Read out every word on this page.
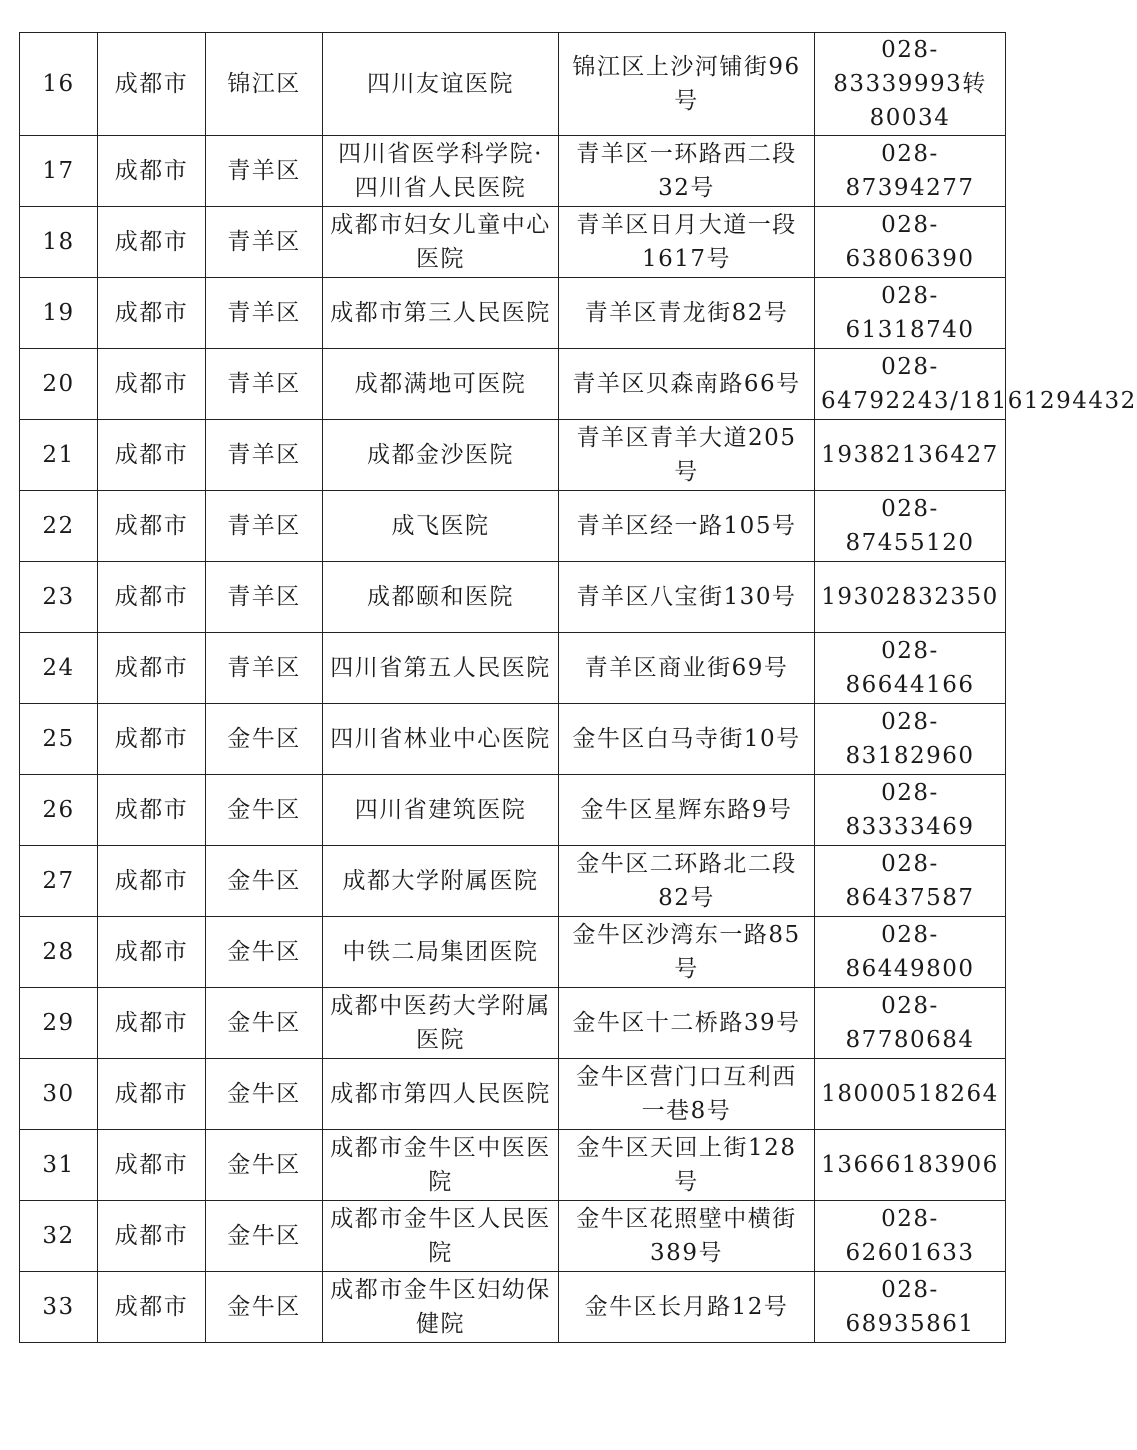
16	成都市	锦江区	四川友谊医院	锦江区上沙河铺街96号	028-83339993转80034
17	成都市	青羊区	四川省医学科学院·四川省人民医院	青羊区一环路西二段32号	028-87394277
18	成都市	青羊区	成都市妇女儿童中心医院	青羊区日月大道一段1617号	028-63806390
19	成都市	青羊区	成都市第三人民医院	青羊区青龙街82号	028-61318740
20	成都市	青羊区	成都满地可医院	青羊区贝森南路66号	028-64792243/18161294432
21	成都市	青羊区	成都金沙医院	青羊区青羊大道205号	19382136427
22	成都市	青羊区	成飞医院	青羊区经一路105号	028-87455120
23	成都市	青羊区	成都颐和医院	青羊区八宝街130号	19302832350
24	成都市	青羊区	四川省第五人民医院	青羊区商业街69号	028-86644166
25	成都市	金牛区	四川省林业中心医院	金牛区白马寺街10号	028-83182960
26	成都市	金牛区	四川省建筑医院	金牛区星辉东路9号	028-83333469
27	成都市	金牛区	成都大学附属医院	金牛区二环路北二段82号	028-86437587
28	成都市	金牛区	中铁二局集团医院	金牛区沙湾东一路85号	028-86449800
29	成都市	金牛区	成都中医药大学附属医院	金牛区十二桥路39号	028-87780684
30	成都市	金牛区	成都市第四人民医院	金牛区营门口互利西一巷8号	18000518264
31	成都市	金牛区	成都市金牛区中医医院	金牛区天回上街128号	13666183906
32	成都市	金牛区	成都市金牛区人民医院	金牛区花照壁中横街389号	028-62601633
33	成都市	金牛区	成都市金牛区妇幼保健院	金牛区长月路12号	028-68935861
